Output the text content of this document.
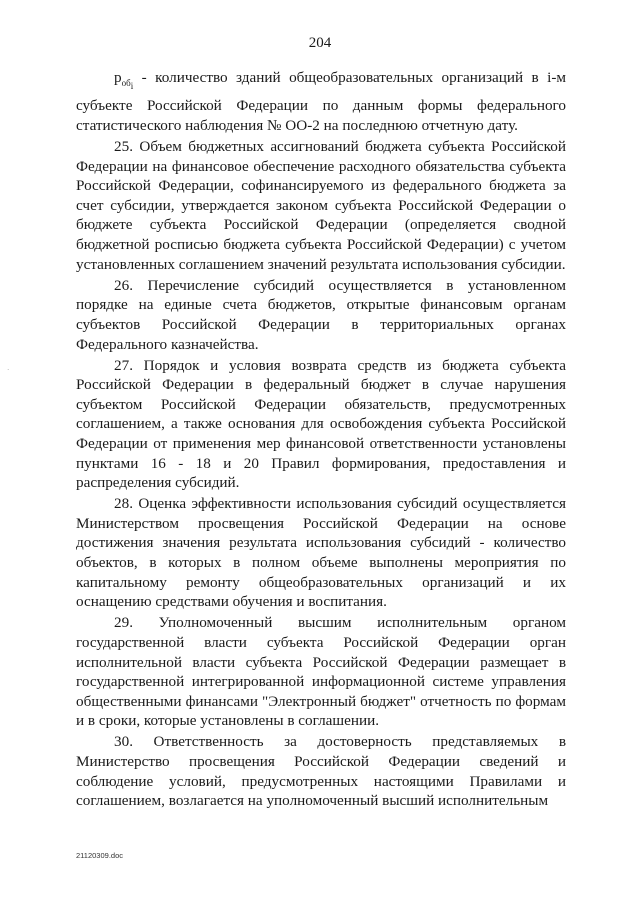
204

$p_{об_i}$ - количество зданий общеобразовательных организаций в i-м субъекте Российской Федерации по данным формы федерального статистического наблюдения № ОО-2 на последнюю отчетную дату.

25. Объем бюджетных ассигнований бюджета субъекта Российской Федерации на финансовое обеспечение расходного обязательства субъекта Российской Федерации, софинансируемого из федерального бюджета за счет субсидии, утверждается законом субъекта Российской Федерации о бюджете субъекта Российской Федерации (определяется сводной бюджетной росписью бюджета субъекта Российской Федерации) с учетом установленных соглашением значений результата использования субсидии.

26. Перечисление субсидий осуществляется в установленном порядке на единые счета бюджетов, открытые финансовым органам субъектов Российской Федерации в территориальных органах Федерального казначейства.

27. Порядок и условия возврата средств из бюджета субъекта Российской Федерации в федеральный бюджет в случае нарушения субъектом Российской Федерации обязательств, предусмотренных соглашением, а также основания для освобождения субъекта Российской Федерации от применения мер финансовой ответственности установлены пунктами 16 - 18 и 20 Правил формирования, предоставления и распределения субсидий.

28. Оценка эффективности использования субсидий осуществляется Министерством просвещения Российской Федерации на основе достижения значения результата использования субсидий - количество объектов, в которых в полном объеме выполнены мероприятия по капитальному ремонту общеобразовательных организаций и их оснащению средствами обучения и воспитания.

29. Уполномоченный высшим исполнительным органом государственной власти субъекта Российской Федерации орган исполнительной власти субъекта Российской Федерации размещает в государственной интегрированной информационной системе управления общественными финансами "Электронный бюджет" отчетность по формам и в сроки, которые установлены в соглашении.

30. Ответственность за достоверность представляемых в Министерство просвещения Российской Федерации сведений и соблюдение условий, предусмотренных настоящими Правилами и соглашением, возлагается на уполномоченный высший исполнительным

·
21120309.doc
